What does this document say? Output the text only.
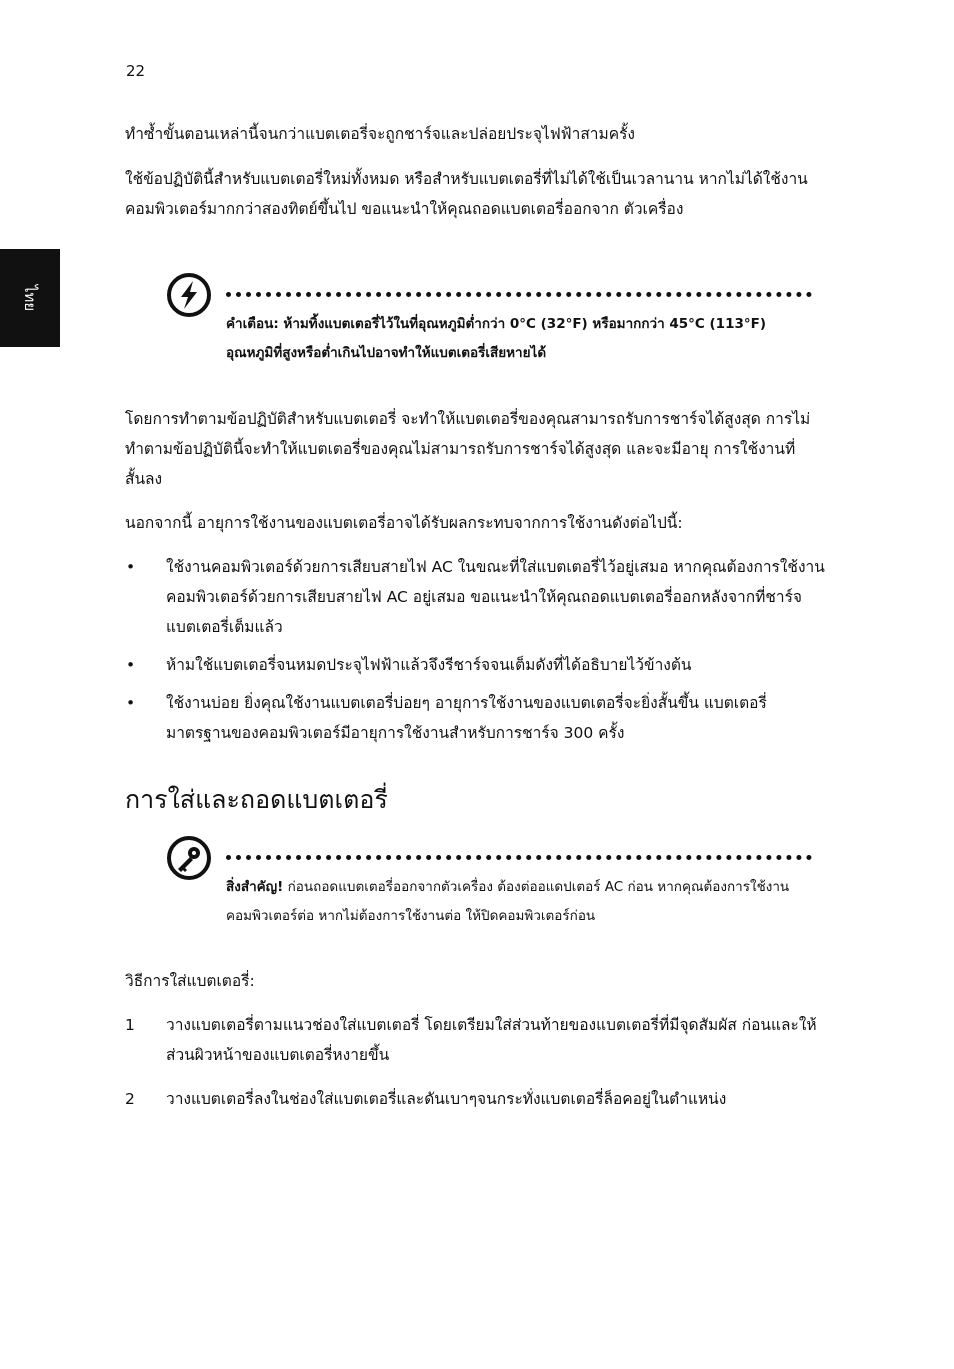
22
ไทย

ทำซ้ำขั้นตอนเหล่านี้จนกว่าแบตเตอรี่จะถูกชาร์จและปล่อยประจุไฟฟ้าสามครั้ง

ใช้ข้อปฏิบัตินี้สำหรับแบตเตอรี่ใหม่ทั้งหมด หรือสำหรับแบตเตอรี่ที่ไม่ได้ใช้เป็นเวลานาน หากไม่ได้ใช้งานคอมพิวเตอร์มากกว่าสองทิตย์ขึ้นไป ขอแนะนำให้คุณถอดแบตเตอรี่ออกจาก ตัวเครื่อง

คำเตือน: ห้ามทิ้งแบตเตอรี่ไว้ในที่อุณหภูมิต่ำกว่า 0°C (32°F) หรือมากกว่า 45°C (113°F) อุณหภูมิที่สูงหรือต่ำเกินไปอาจทำให้แบตเตอรี่เสียหายได้

โดยการทำตามข้อปฏิบัติสำหรับแบตเตอรี่ จะทำให้แบตเตอรี่ของคุณสามารถรับการชาร์จได้สูงสุด การไม่ทำตามข้อปฏิบัตินี้จะทำให้แบตเตอรี่ของคุณไม่สามารถรับการชาร์จได้สูงสุด และจะมีอายุ การใช้งานที่สั้นลง

นอกจากนี้ อายุการใช้งานของแบตเตอรี่อาจได้รับผลกระทบจากการใช้งานดังต่อไปนี้:

• ใช้งานคอมพิวเตอร์ด้วยการเสียบสายไฟ AC ในขณะที่ใส่แบตเตอรี่ไว้อยู่เสมอ หากคุณต้องการใช้งานคอมพิวเตอร์ด้วยการเสียบสายไฟ AC อยู่เสมอ ขอแนะนำให้คุณถอดแบตเตอรี่ออกหลังจากที่ชาร์จแบตเตอรี่เต็มแล้ว
• ห้ามใช้แบตเตอรี่จนหมดประจุไฟฟ้าแล้วจึงรีชาร์จจนเต็มดังที่ได้อธิบายไว้ข้างต้น
• ใช้งานบ่อย ยิ่งคุณใช้งานแบตเตอรี่บ่อยๆ อายุการใช้งานของแบตเตอรี่จะยิ่งสั้นขึ้น แบตเตอรี่มาตรฐานของคอมพิวเตอร์มีอายุการใช้งานสำหรับการชาร์จ 300 ครั้ง
การใส่และถอดแบตเตอรี่
สิ่งสำคัญ! ก่อนถอดแบตเตอรี่ออกจากตัวเครื่อง ต้องต่ออแดปเตอร์ AC ก่อน หากคุณต้องการใช้งานคอมพิวเตอร์ต่อ หากไม่ต้องการใช้งานต่อ ให้ปิดคอมพิวเตอร์ก่อน

วิธีการใส่แบตเตอรี่:

1 วางแบตเตอรี่ตามแนวช่องใส่แบตเตอรี่ โดยเตรียมใส่ส่วนท้ายของแบตเตอรี่ที่มีจุดสัมผัส ก่อนและให้ส่วนผิวหน้าของแบตเตอรี่หงายขึ้น
2 วางแบตเตอรี่ลงในช่องใส่แบตเตอรี่และดันเบาๆจนกระทั่งแบตเตอรี่ล็อคอยู่ในตำแหน่ง
